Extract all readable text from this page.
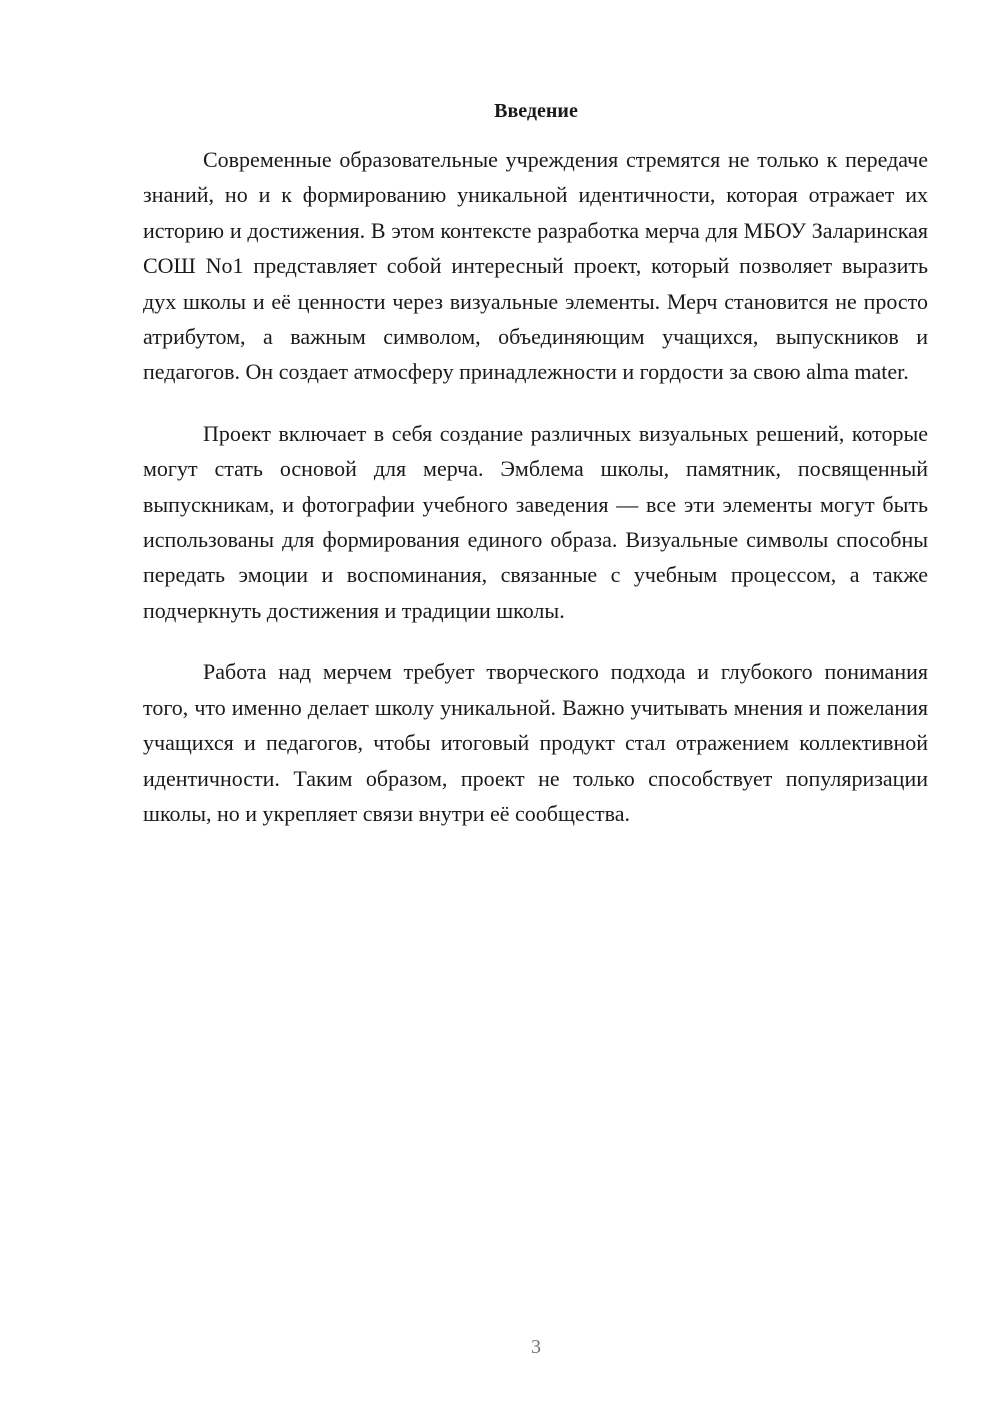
Введение

Современные образовательные учреждения стремятся не только к передаче знаний, но и к формированию уникальной идентичности, которая отражает их историю и достижения. В этом контексте разработка мерча для МБОУ Заларинская СОШ No1 представляет собой интересный проект, который позволяет выразить дух школы и её ценности через визуальные элементы. Мерч становится не просто атрибутом, а важным символом, объединяющим учащихся, выпускников и педагогов. Он создает атмосферу принадлежности и гордости за свою alma mater.

Проект включает в себя создание различных визуальных решений, которые могут стать основой для мерча. Эмблема школы, памятник, посвященный выпускникам, и фотографии учебного заведения — все эти элементы могут быть использованы для формирования единого образа. Визуальные символы способны передать эмоции и воспоминания, связанные с учебным процессом, а также подчеркнуть достижения и традиции школы.

Работа над мерчем требует творческого подхода и глубокого понимания того, что именно делает школу уникальной. Важно учитывать мнения и пожелания учащихся и педагогов, чтобы итоговый продукт стал отражением коллективной идентичности. Таким образом, проект не только способствует популяризации школы, но и укрепляет связи внутри её сообщества.

3
